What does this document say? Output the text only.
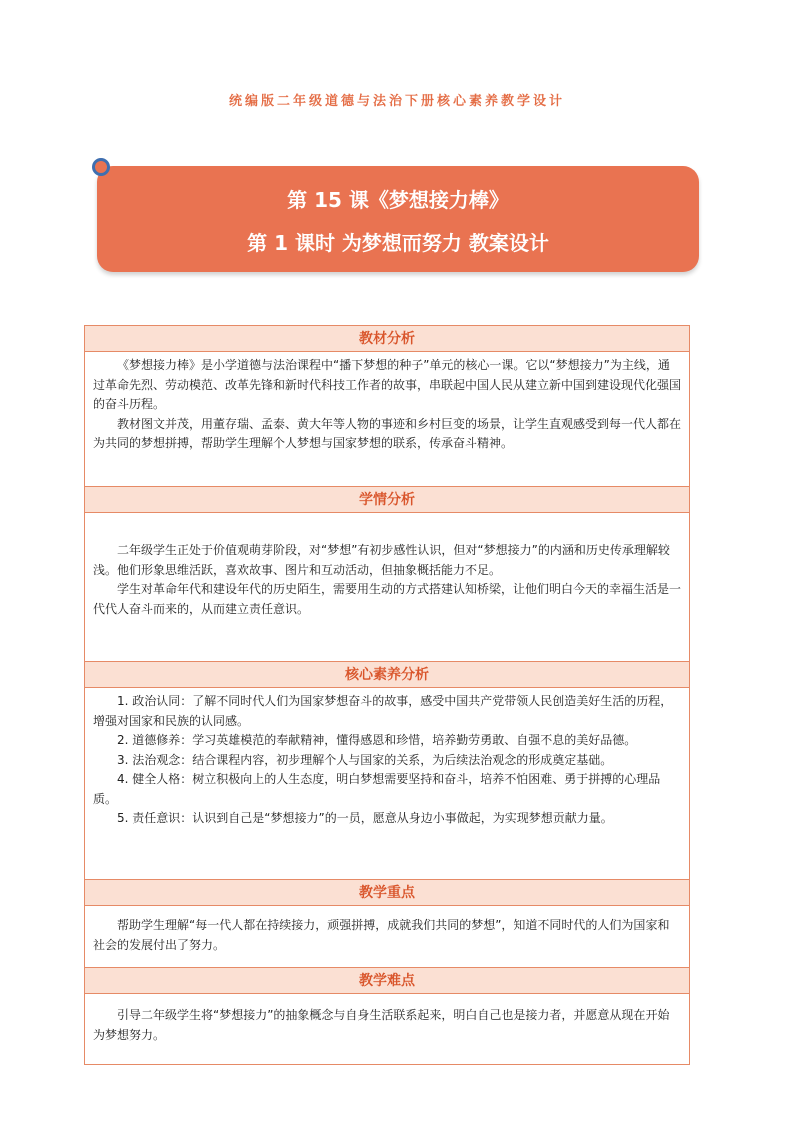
统编版二年级道德与法治下册核心素养教学设计
第 15 课《梦想接力棒》
第 1 课时 为梦想而努力 教案设计
教材分析

《梦想接力棒》是小学道德与法治课程中“播下梦想的种子”单元的核心一课。它以“梦想接力”为主线，通过革命先烈、劳动模范、改革先锋和新时代科技工作者的故事，串联起中国人民从建立新中国到建设现代化强国的奋斗历程。

教材图文并茂，用董存瑞、孟泰、黄大年等人物的事迹和乡村巨变的场景，让学生直观感受到每一代人都在为共同的梦想拼搏，帮助学生理解个人梦想与国家梦想的联系，传承奋斗精神。

学情分析

二年级学生正处于价值观萌芽阶段，对“梦想”有初步感性认识，但对“梦想接力”的内涵和历史传承理解较浅。他们形象思维活跃，喜欢故事、图片和互动活动，但抽象概括能力不足。

学生对革命年代和建设年代的历史陌生，需要用生动的方式搭建认知桥梁，让他们明白今天的幸福生活是一代代人奋斗而来的，从而建立责任意识。

核心素养分析

1. 政治认同：了解不同时代人们为国家梦想奋斗的故事，感受中国共产党带领人民创造美好生活的历程，增强对国家和民族的认同感。

2. 道德修养：学习英雄模范的奉献精神，懂得感恩和珍惜，培养勤劳勇敢、自强不息的美好品德。

3. 法治观念：结合课程内容，初步理解个人与国家的关系，为后续法治观念的形成奠定基础。

4. 健全人格：树立积极向上的人生态度，明白梦想需要坚持和奋斗，培养不怕困难、勇于拼搏的心理品质。

5. 责任意识：认识到自己是“梦想接力”的一员，愿意从身边小事做起，为实现梦想贡献力量。

教学重点

帮助学生理解“每一代人都在持续接力，顽强拼搏，成就我们共同的梦想”，知道不同时代的人们为国家和社会的发展付出了努力。

教学难点

引导二年级学生将“梦想接力”的抽象概念与自身生活联系起来，明白自己也是接力者，并愿意从现在开始为梦想努力。
